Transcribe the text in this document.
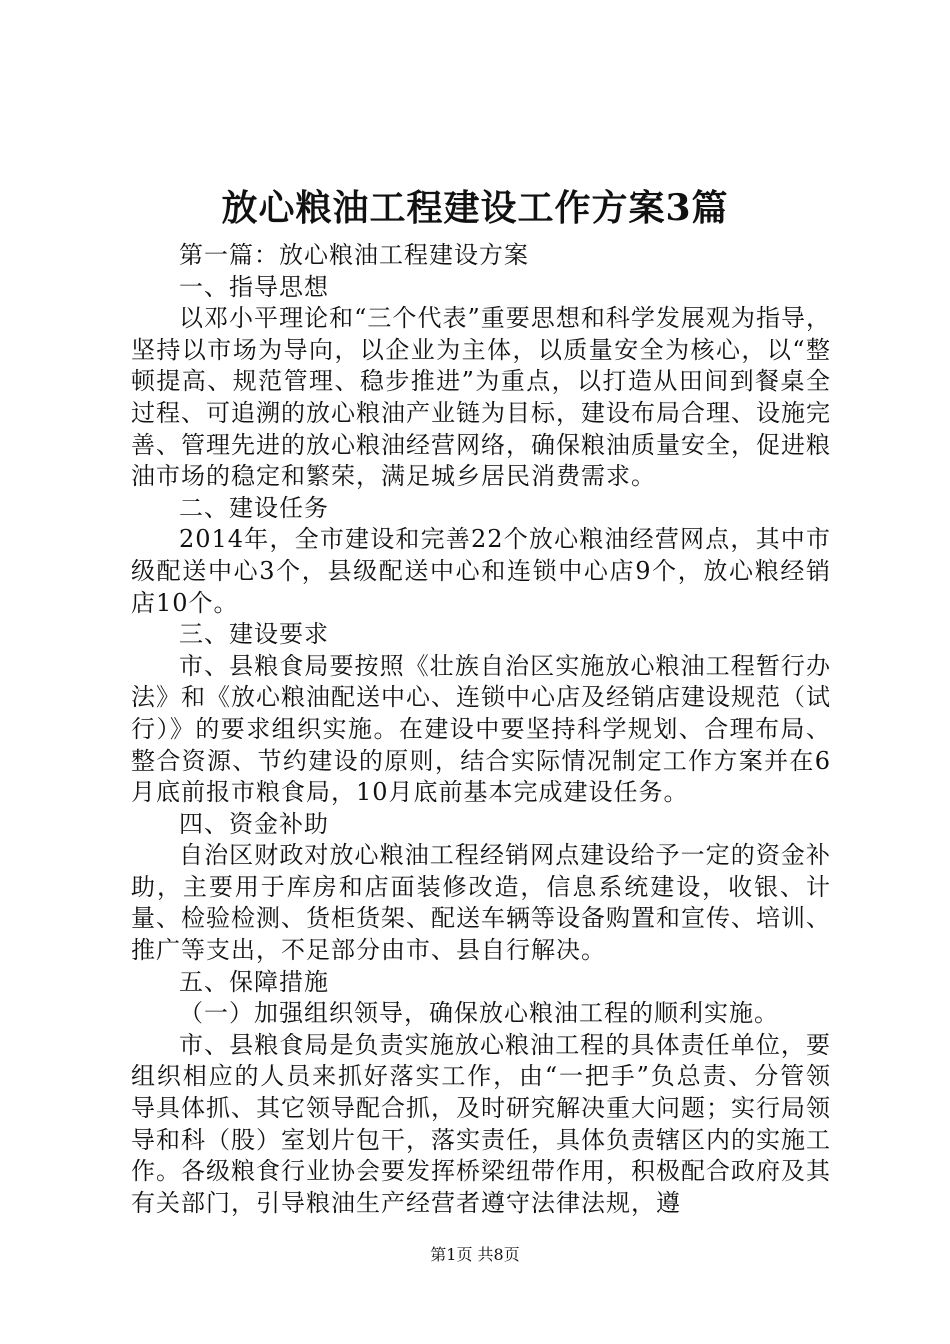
放心粮油工程建设工作方案3篇

第一篇：放心粮油工程建设方案

一、指导思想

以邓小平理论和“三个代表”重要思想和科学发展观为指导，坚持以市场为导向，以企业为主体，以质量安全为核心，以“整顿提高、规范管理、稳步推进”为重点，以打造从田间到餐桌全过程、可追溯的放心粮油产业链为目标，建设布局合理、设施完善、管理先进的放心粮油经营网络，确保粮油质量安全，促进粮油市场的稳定和繁荣，满足城乡居民消费需求。

二、建设任务

2014年，全市建设和完善22个放心粮油经营网点，其中市级配送中心3个，县级配送中心和连锁中心店9个，放心粮经销店10个。

三、建设要求

市、县粮食局要按照《壮族自治区实施放心粮油工程暂行办法》和《放心粮油配送中心、连锁中心店及经销店建设规范（试行）》的要求组织实施。在建设中要坚持科学规划、合理布局、整合资源、节约建设的原则，结合实际情况制定工作方案并在6月底前报市粮食局，10月底前基本完成建设任务。

四、资金补助

自治区财政对放心粮油工程经销网点建设给予一定的资金补助，主要用于库房和店面装修改造，信息系统建设，收银、计量、检验检测、货柜货架、配送车辆等设备购置和宣传、培训、推广等支出，不足部分由市、县自行解决。

五、保障措施

（一）加强组织领导，确保放心粮油工程的顺利实施。

市、县粮食局是负责实施放心粮油工程的具体责任单位，要组织相应的人员来抓好落实工作，由“一把手”负总责、分管领导具体抓、其它领导配合抓，及时研究解决重大问题；实行局领导和科（股）室划片包干，落实责任，具体负责辖区内的实施工作。各级粮食行业协会要发挥桥梁纽带作用，积极配合政府及其有关部门，引导粮油生产经营者遵守法律法规，遵

第1页 共8页
